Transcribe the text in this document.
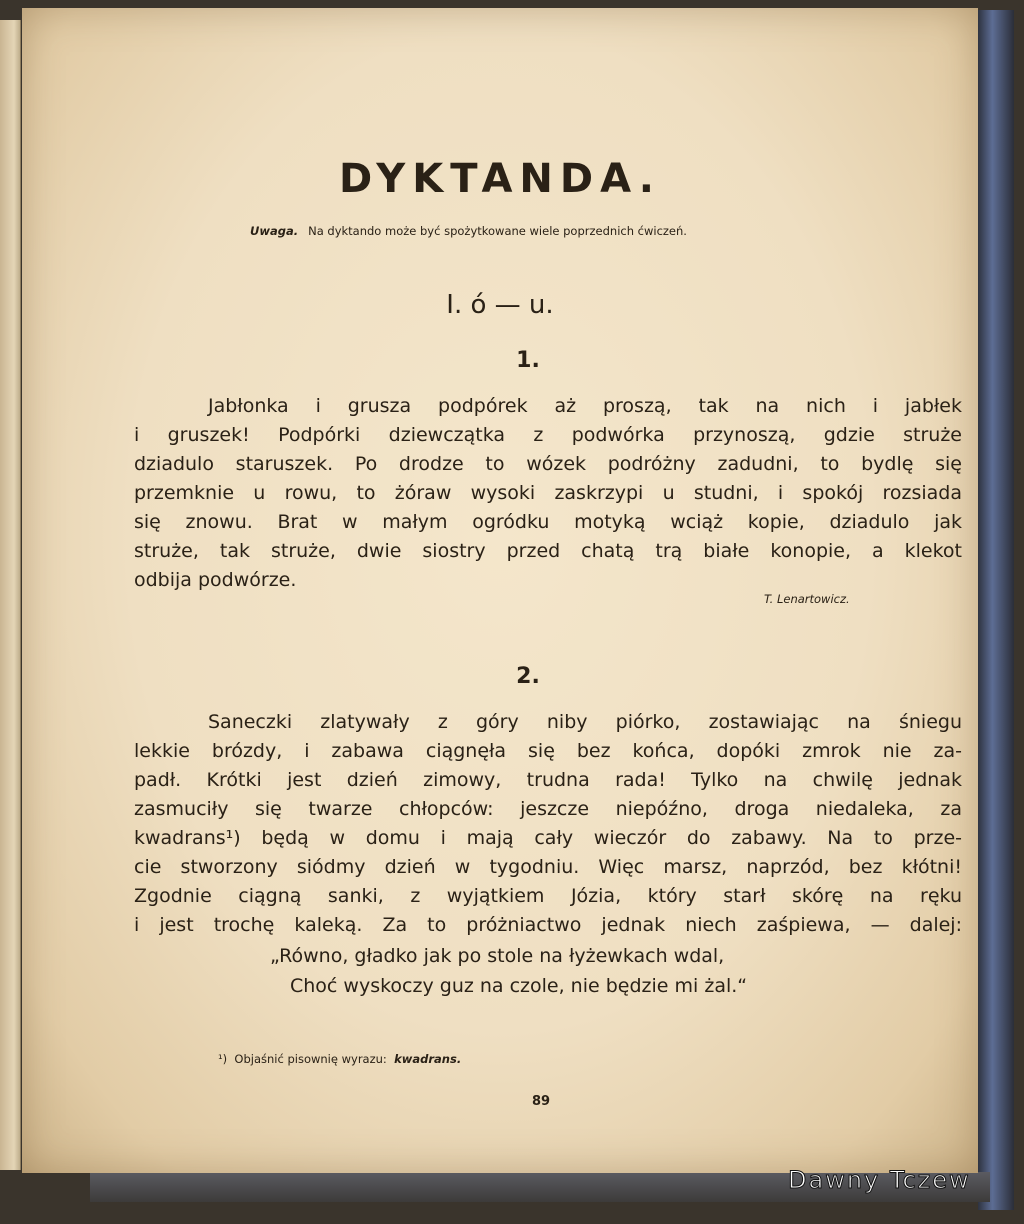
DYKTANDA.
Uwaga. Na dyktando może być spożytkowane wiele poprzednich ćwiczeń.
I. ó — u.
1.
Jabłonka i grusza podpórek aż proszą, tak na nich i jabłek
i gruszek! Podpórki dziewczątka z podwórka przynoszą, gdzie struże
dziadulo staruszek. Po drodze to wózek podróżny zadudni, to bydlę się
przemknie u rowu, to żóraw wysoki zaskrzypi u studni, i spokój rozsiada
się znowu. Brat w małym ogródku motyką wciąż kopie, dziadulo jak
struże, tak struże, dwie siostry przed chatą trą białe konopie, a klekot
odbija podwórze.
T. Lenartowicz.
2.
Saneczki zlatywały z góry niby piórko, zostawiając na śniegu
lekkie brózdy, i zabawa ciągnęła się bez końca, dopóki zmrok nie za-
padł. Krótki jest dzień zimowy, trudna rada! Tylko na chwilę jednak
zasmuciły się twarze chłopców: jeszcze niepóźno, droga niedaleka, za
kwadrans¹) będą w domu i mają cały wieczór do zabawy. Na to prze-
cie stworzony siódmy dzień w tygodniu. Więc marsz, naprzód, bez kłótni!
Zgodnie ciągną sanki, z wyjątkiem Józia, który starł skórę na ręku
i jest trochę kaleką. Za to próżniactwo jednak niech zaśpiewa, — dalej:
„Równo, gładko jak po stole na łyżewkach wdal,
Choć wyskoczy guz na czole, nie będzie mi żal.“
¹) Objaśnić pisownię wyrazu: kwadrans.
89
Dawny Tczew
